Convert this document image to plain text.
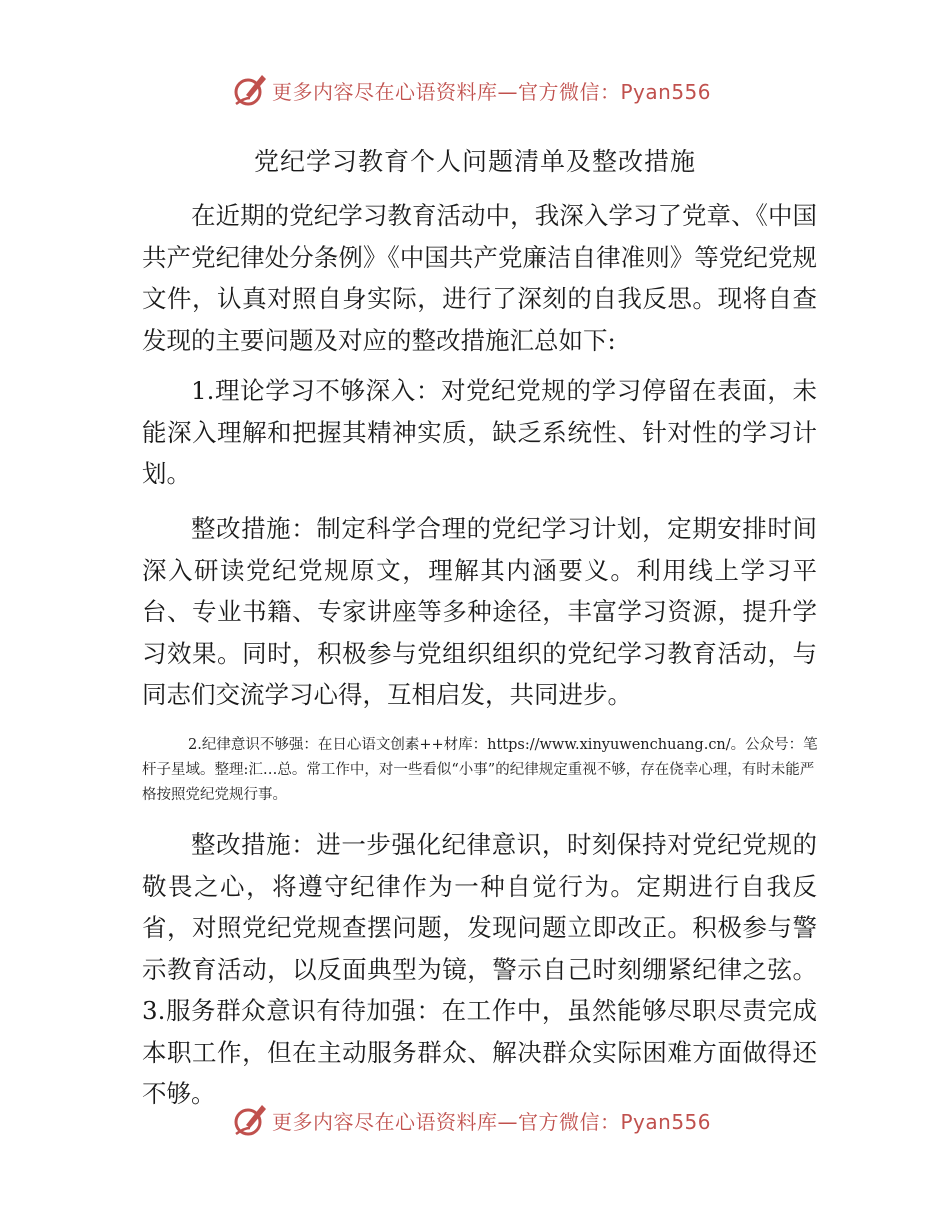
更多内容尽在心语资料库—官方微信：Pyan556
党纪学习教育个人问题清单及整改措施

在近期的党纪学习教育活动中，我深入学习了党章、《中国共产党纪律处分条例》《中国共产党廉洁自律准则》等党纪党规文件，认真对照自身实际，进行了深刻的自我反思。现将自查发现的主要问题及对应的整改措施汇总如下:

1.理论学习不够深入：对党纪党规的学习停留在表面，未能深入理解和把握其精神实质，缺乏系统性、针对性的学习计划。

整改措施：制定科学合理的党纪学习计划，定期安排时间深入研读党纪党规原文，理解其内涵要义。利用线上学习平台、专业书籍、专家讲座等多种途径，丰富学习资源，提升学习效果。同时，积极参与党组织组织的党纪学习教育活动，与同志们交流学习心得，互相启发，共同进步。

2.纪律意识不够强：在日心语文创素++材库：https://www.xinyuwenchuang.cn/。公众号：笔杆子星域。整理:汇…总。常工作中，对一些看似“小事”的纪律规定重视不够，存在侥幸心理，有时未能严格按照党纪党规行事。

整改措施：进一步强化纪律意识，时刻保持对党纪党规的敬畏之心，将遵守纪律作为一种自觉行为。定期进行自我反省，对照党纪党规查摆问题，发现问题立即改正。积极参与警示教育活动，以反面典型为镜，警示自己时刻绷紧纪律之弦。3.服务群众意识有待加强：在工作中，虽然能够尽职尽责完成本职工作，但在主动服务群众、解决群众实际困难方面做得还不够。

更多内容尽在心语资料库—官方微信：Pyan556
